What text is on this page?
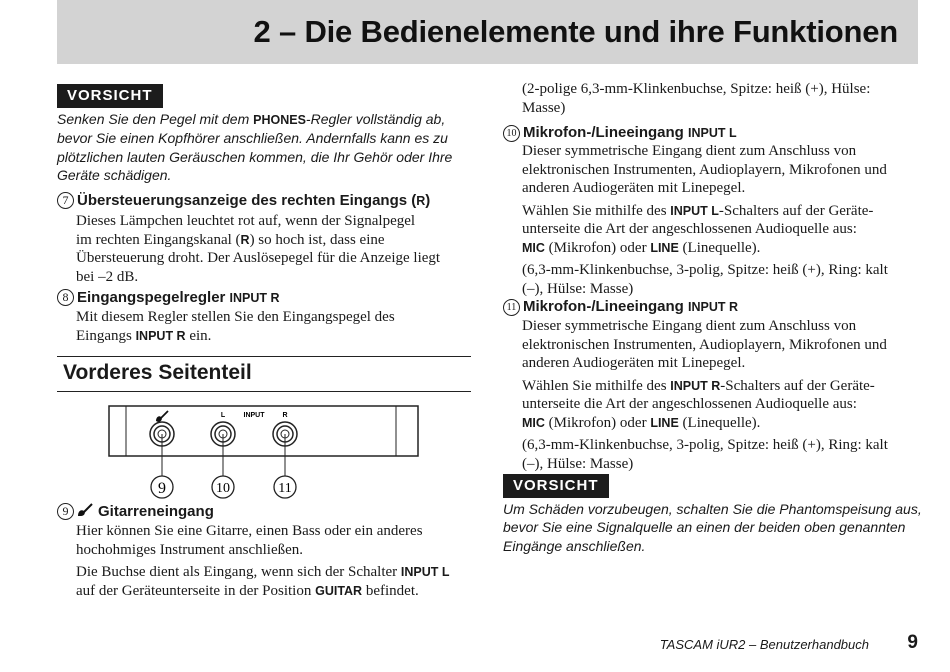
2 – Die Bedienelemente und ihre Funktionen
VORSICHT
Senken Sie den Pegel mit dem PHONES-Regler vollständig ab,
bevor Sie einen Kopfhörer anschließen. Andernfalls kann es zu
plötzlichen lauten Geräuschen kommen, die Ihr Gehör oder Ihre
Geräte schädigen.
7 Übersteuerungsanzeige des rechten Eingangs (R)
Dieses Lämpchen leuchtet rot auf, wenn der Signalpegel
im rechten Eingangskanal (R) so hoch ist, dass eine
Übersteuerung droht. Der Auslösepegel für die Anzeige liegt
bei –2 dB.
8 Eingangspegelregler INPUT R
Mit diesem Regler stellen Sie den Eingangspegel des
Eingangs INPUT R ein.
Vorderes Seitenteil
L	INPUT	R
9	10	11
9 Gitarreneingang
Hier können Sie eine Gitarre, einen Bass oder ein anderes
hochohmiges Instrument anschließen.
Die Buchse dient als Eingang, wenn sich der Schalter INPUT L
auf der Geräteunterseite in der Position GUITAR befindet.
(2-polige 6,3-mm-Klinkenbuchse, Spitze: heiß (+), Hülse:
Masse)
10 Mikrofon-/Lineeingang INPUT L
Dieser symmetrische Eingang dient zum Anschluss von
elektronischen Instrumenten, Audioplayern, Mikrofonen und
anderen Audiogeräten mit Linepegel.
Wählen Sie mithilfe des INPUT L-Schalters auf der Geräte-
unterseite die Art der angeschlossenen Audioquelle aus:
MIC (Mikrofon) oder LINE (Linequelle).
(6,3-mm-Klinkenbuchse, 3-polig, Spitze: heiß (+), Ring: kalt
(–), Hülse: Masse)
11 Mikrofon-/Lineeingang INPUT R
Dieser symmetrische Eingang dient zum Anschluss von
elektronischen Instrumenten, Audioplayern, Mikrofonen und
anderen Audiogeräten mit Linepegel.
Wählen Sie mithilfe des INPUT R-Schalters auf der Geräte-
unterseite die Art der angeschlossenen Audioquelle aus:
MIC (Mikrofon) oder LINE (Linequelle).
(6,3-mm-Klinkenbuchse, 3-polig, Spitze: heiß (+), Ring: kalt
(–), Hülse: Masse)
VORSICHT
Um Schäden vorzubeugen, schalten Sie die Phantomspeisung aus,
bevor Sie eine Signalquelle an einen der beiden oben genannten
Eingänge anschließen.
TASCAM iUR2 – Benutzerhandbuch 9
